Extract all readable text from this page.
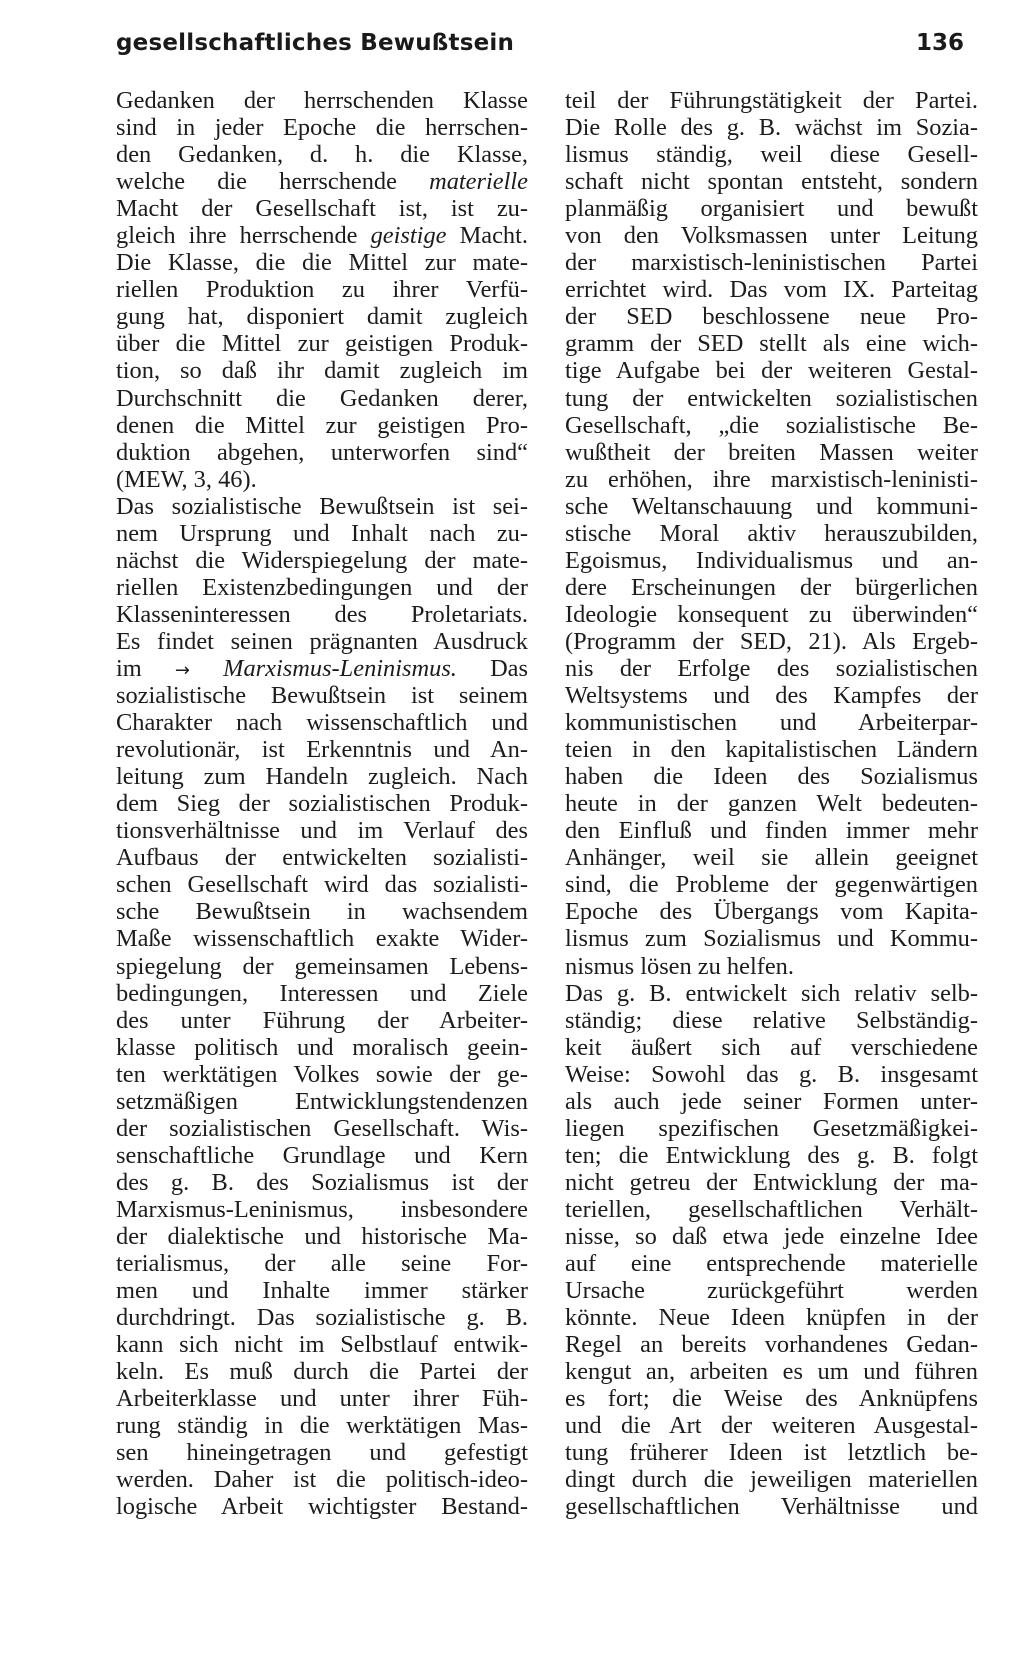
gesellschaftliches Bewußtsein	136
Gedanken der herrschenden Klasse
sind in jeder Epoche die herrschen-
den Gedanken, d. h. die Klasse,
welche die herrschende materielle
Macht der Gesellschaft ist, ist zu-
gleich ihre herrschende geistige Macht.
Die Klasse, die die Mittel zur mate-
riellen Produktion zu ihrer Verfü-
gung hat, disponiert damit zugleich
über die Mittel zur geistigen Produk-
tion, so daß ihr damit zugleich im
Durchschnitt die Gedanken derer,
denen die Mittel zur geistigen Pro-
duktion abgehen, unterworfen sind“
(MEW, 3, 46).
Das sozialistische Bewußtsein ist sei-
nem Ursprung und Inhalt nach zu-
nächst die Widerspiegelung der mate-
riellen Existenzbedingungen und der
Klasseninteressen des Proletariats.
Es findet seinen prägnanten Ausdruck
im → Marxismus-Leninismus. Das
sozialistische Bewußtsein ist seinem
Charakter nach wissenschaftlich und
revolutionär, ist Erkenntnis und An-
leitung zum Handeln zugleich. Nach
dem Sieg der sozialistischen Produk-
tionsverhältnisse und im Verlauf des
Aufbaus der entwickelten sozialisti-
schen Gesellschaft wird das sozialisti-
sche Bewußtsein in wachsendem
Maße wissenschaftlich exakte Wider-
spiegelung der gemeinsamen Lebens-
bedingungen, Interessen und Ziele
des unter Führung der Arbeiter-
klasse politisch und moralisch geein-
ten werktätigen Volkes sowie der ge-
setzmäßigen Entwicklungstendenzen
der sozialistischen Gesellschaft. Wis-
senschaftliche Grundlage und Kern
des g. B. des Sozialismus ist der
Marxismus-Leninismus, insbesondere
der dialektische und historische Ma-
terialismus, der alle seine For-
men und Inhalte immer stärker
durchdringt. Das sozialistische g. B.
kann sich nicht im Selbstlauf entwik-
keln. Es muß durch die Partei der
Arbeiterklasse und unter ihrer Füh-
rung ständig in die werktätigen Mas-
sen hineingetragen und gefestigt
werden. Daher ist die politisch-ideo-
logische Arbeit wichtigster Bestand-
teil der Führungstätigkeit der Partei.
Die Rolle des g. B. wächst im Sozia-
lismus ständig, weil diese Gesell-
schaft nicht spontan entsteht, sondern
planmäßig organisiert und bewußt
von den Volksmassen unter Leitung
der marxistisch-leninistischen Partei
errichtet wird. Das vom IX. Parteitag
der SED beschlossene neue Pro-
gramm der SED stellt als eine wich-
tige Aufgabe bei der weiteren Gestal-
tung der entwickelten sozialistischen
Gesellschaft, „die sozialistische Be-
wußtheit der breiten Massen weiter
zu erhöhen, ihre marxistisch-leninisti-
sche Weltanschauung und kommuni-
stische Moral aktiv herauszubilden,
Egoismus, Individualismus und an-
dere Erscheinungen der bürgerlichen
Ideologie konsequent zu überwinden“
(Programm der SED, 21). Als Ergeb-
nis der Erfolge des sozialistischen
Weltsystems und des Kampfes der
kommunistischen und Arbeiterpar-
teien in den kapitalistischen Ländern
haben die Ideen des Sozialismus
heute in der ganzen Welt bedeuten-
den Einfluß und finden immer mehr
Anhänger, weil sie allein geeignet
sind, die Probleme der gegenwärtigen
Epoche des Übergangs vom Kapita-
lismus zum Sozialismus und Kommu-
nismus lösen zu helfen.
Das g. B. entwickelt sich relativ selb-
ständig; diese relative Selbständig-
keit äußert sich auf verschiedene
Weise: Sowohl das g. B. insgesamt
als auch jede seiner Formen unter-
liegen spezifischen Gesetzmäßigkei-
ten; die Entwicklung des g. B. folgt
nicht getreu der Entwicklung der ma-
teriellen, gesellschaftlichen Verhält-
nisse, so daß etwa jede einzelne Idee
auf eine entsprechende materielle
Ursache zurückgeführt werden
könnte. Neue Ideen knüpfen in der
Regel an bereits vorhandenes Gedan-
kengut an, arbeiten es um und führen
es fort; die Weise des Anknüpfens
und die Art der weiteren Ausgestal-
tung früherer Ideen ist letztlich be-
dingt durch die jeweiligen materiellen
gesellschaftlichen Verhältnisse und
